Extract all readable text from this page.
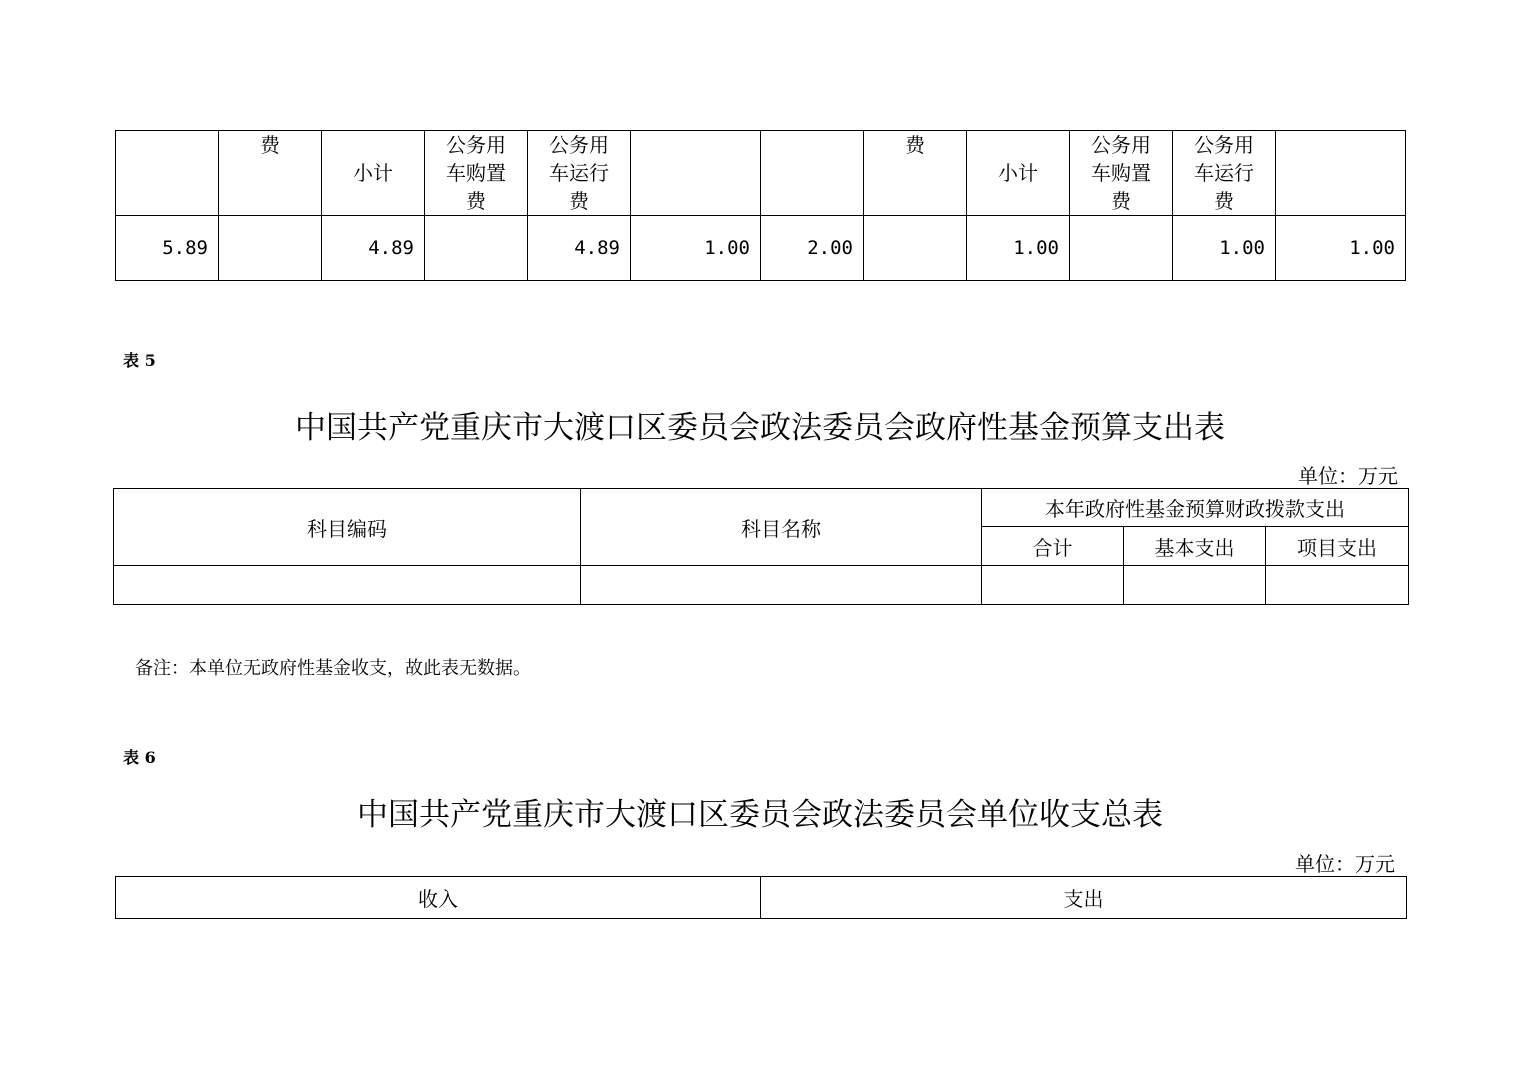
	费	小计	公务用车购置费	公务用车运行费			费	小计	公务用车购置费	公务用车运行费	

5.89		4.89		4.89	1.00	2.00		1.00		1.00	1.00
表 5
中国共产党重庆市大渡口区委员会政法委员会政府性基金预算支出表
单位：万元
科目编码	科目名称	本年政府性基金预算财政拨款支出		
		合计	基本支出	项目支出

备注：本单位无政府性基金收支，故此表无数据。
表 6
中国共产党重庆市大渡口区委员会政法委员会单位收支总表
单位：万元
收入	支出
